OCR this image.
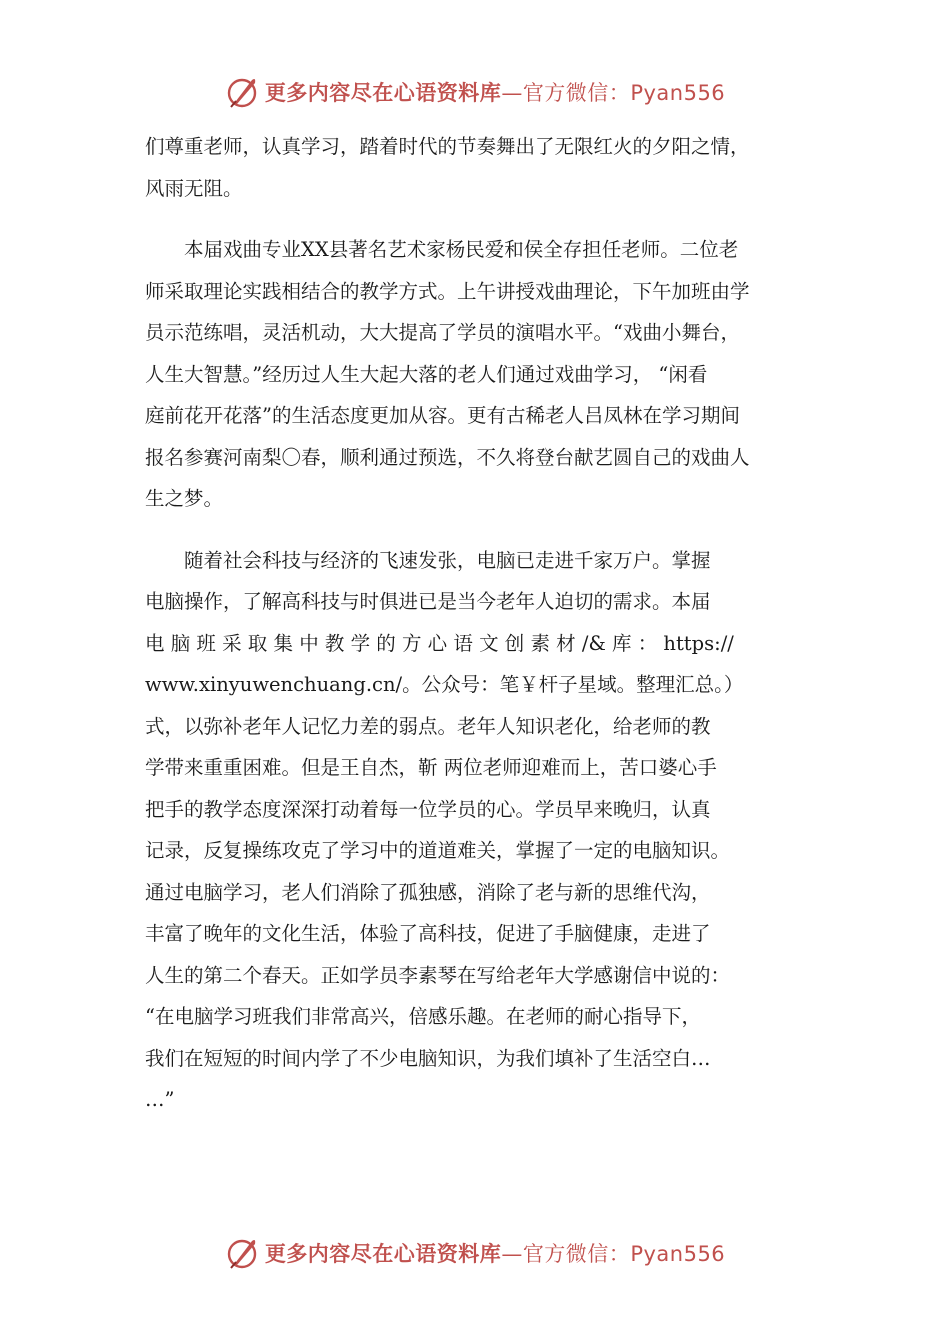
更多内容尽在心语资料库—官方微信：Pyan556

们尊重老师，认真学习，踏着时代的节奏舞出了无限红火的夕阳之情，
风雨无阻。

本届戏曲专业XX县著名艺术家杨民爱和侯全存担任老师。二位老
师采取理论实践相结合的教学方式。上午讲授戏曲理论，下午加班由学
员示范练唱，灵活机动，大大提高了学员的演唱水平。“戏曲小舞台，
人生大智慧。”经历过人生大起大落的老人们通过戏曲学习， “闲看
庭前花开花落”的生活态度更加从容。更有古稀老人吕凤林在学习期间
报名参赛河南梨〇春，顺利通过预选，不久将登台献艺圆自己的戏曲人
生之梦。

随着社会科技与经济的飞速发张，电脑已走进千家万户。掌握
电脑操作，了解高科技与时俱进已是当今老年人迫切的需求。本届
电 脑 班 采 取 集 中 教 学 的 方 心 语 文 创 素 材 /& 库 ： https://
www.xinyuwenchuang.cn/。公众号：笔￥杆子星域。整理汇总。）
式，以弥补老年人记忆力差的弱点。老年人知识老化，给老师的教
学带来重重困难。但是王自杰，靳 两位老师迎难而上，苦口婆心手
把手的教学态度深深打动着每一位学员的心。学员早来晚归，认真
记录，反复操练攻克了学习中的道道难关，掌握了一定的电脑知识。
通过电脑学习，老人们消除了孤独感，消除了老与新的思维代沟，
丰富了晚年的文化生活，体验了高科技，促进了手脑健康，走进了
人生的第二个春天。正如学员李素琴在写给老年大学感谢信中说的：
“在电脑学习班我们非常高兴，倍感乐趣。在老师的耐心指导下，
我们在短短的时间内学了不少电脑知识，为我们填补了生活空白…
…”

更多内容尽在心语资料库—官方微信：Pyan556
